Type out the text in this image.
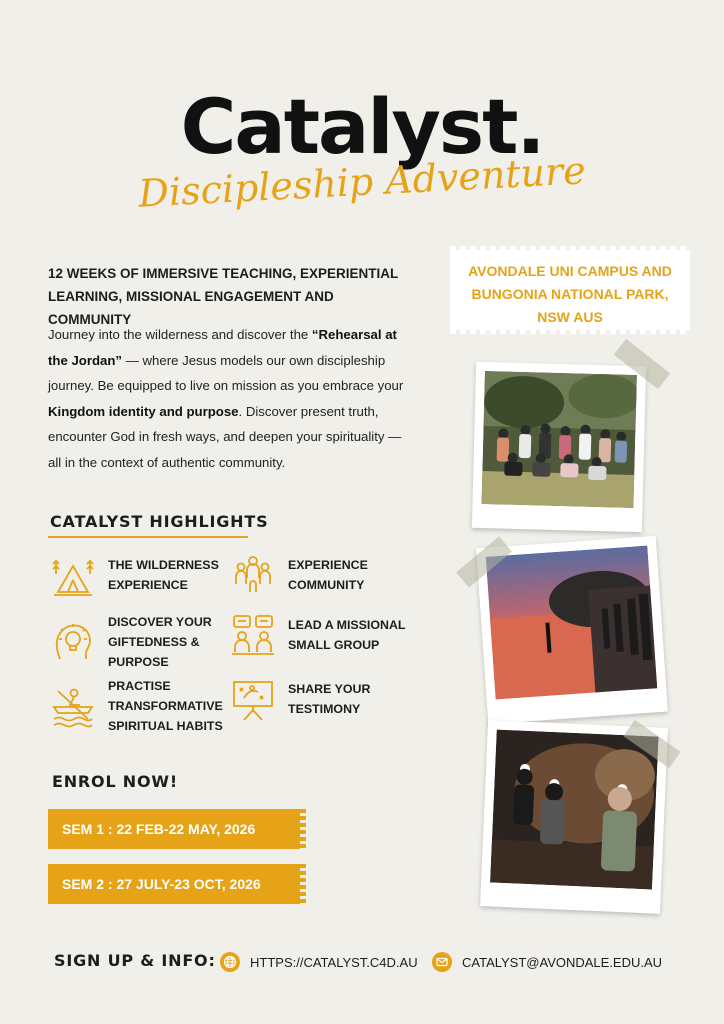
Catalyst.
Discipleship Adventure
12 WEEKS OF IMMERSIVE TEACHING, EXPERIENTIAL LEARNING, MISSIONAL ENGAGEMENT AND COMMUNITY
Journey into the wilderness and discover the “Rehearsal at the Jordan” — where Jesus models our own discipleship journey. Be equipped to live on mission as you embrace your Kingdom identity and purpose. Discover present truth, encounter God in fresh ways, and deepen your spirituality — all in the context of authentic community.
AVONDALE UNI CAMPUS AND BUNGONIA NATIONAL PARK, NSW AUS
CATALYST HIGHLIGHTS
THE WILDERNESS EXPERIENCE
EXPERIENCE COMMUNITY
DISCOVER YOUR GIFTEDNESS & PURPOSE
LEAD A MISSIONAL SMALL GROUP
PRACTISE TRANSFORMATIVE SPIRITUAL HABITS
SHARE YOUR TESTIMONY
ENROL NOW!
SEM 1 : 22 FEB-22 MAY, 2026
SEM 2 : 27 JULY-23 OCT, 2026
SIGN UP & INFO:	HTTPS://CATALYST.C4D.AU	CATALYST@AVONDALE.EDU.AU
